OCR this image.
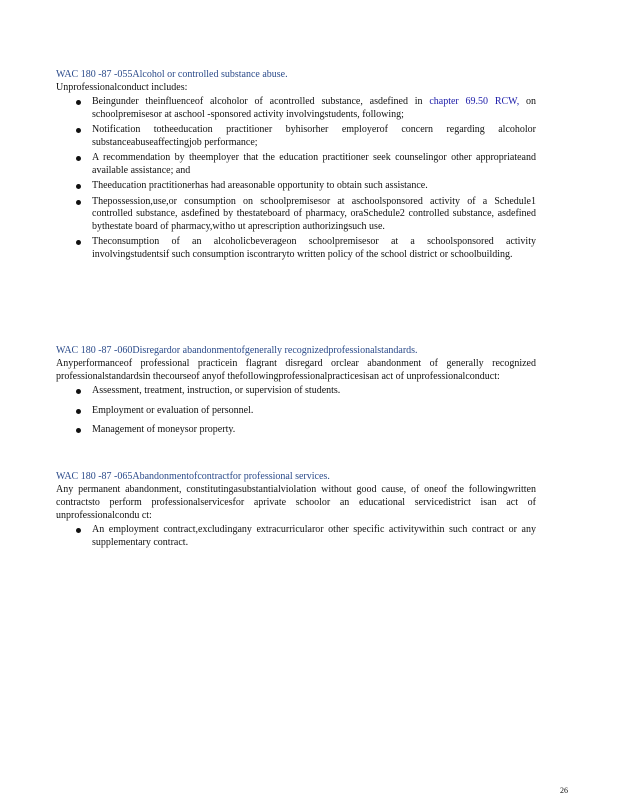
WAC 180 -87 -055Alcohol or controlled substance abuse.

Unprofessionalconduct includes:

Beingunder theinfluenceof alcoholor of acontrolled substance, asdefined in chapter 69.50 RCW, on schoolpremisesor at aschool -sponsored activity involvingstudents, following;
Notification totheeducation practitioner byhisorher employerof concern regarding alcoholor substanceabuseaffectingjob performance;
A recommendation by theemployer that the education practitioner seek counselingor other appropriateand available assistance; and
Theeducation practitionerhas had areasonable opportunity to obtain such assistance.
Thepossession,use,or consumption on schoolpremisesor at aschoolsponsored activity of a Schedule1 controlled substance, asdefined by thestateboard of pharmacy, oraSchedule2 controlled substance, asdefined bythestate board of pharmacy,witho ut aprescription authorizingsuch use.
Theconsumption of an alcoholicbeverageon schoolpremisesor at a schoolsponsored activity involvingstudentsif such consumption iscontraryto written policy of the school district or schoolbuilding.

WAC 180 -87 -060Disregardor abandonmentofgenerally recognizedprofessionalstandards.

Anyperformanceof professional practicein flagrant disregard orclear abandonment of generally recognized professionalstandardsin thecourseof anyof thefollowingprofessionalpracticesisan act of unprofessionalconduct:

Assessment, treatment, instruction, or supervision of students.
Employment or evaluation of personnel.
Management of moneysor property.

WAC 180 -87 -065Abandonmentofcontractfor professional services.

Any permanent abandonment, constitutingasubstantialviolation without good cause, of oneof the followingwritten contractsto perform professionalservicesfor aprivate schoolor an educational servicedistrict isan act of unprofessionalcondu ct:

An employment contract,excludingany extracurricularor other specific activitywithin such contract or any supplementary contract.
26
